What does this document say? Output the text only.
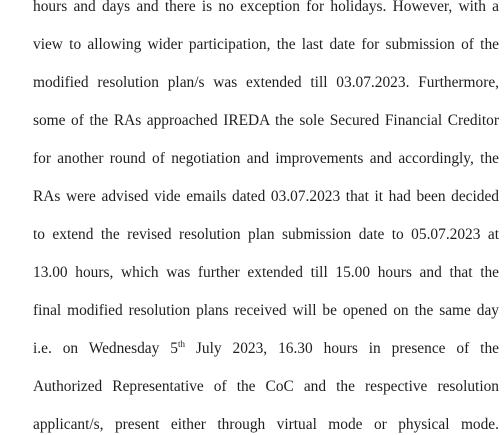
hours and days and there is no exception for holidays. However, with a
view to allowing wider participation, the last date for submission of the
modified resolution plan/s was extended till 03.07.2023. Furthermore,
some of the RAs approached IREDA the sole Secured Financial Creditor
for another round of negotiation and improvements and accordingly, the
RAs were advised vide emails dated 03.07.2023 that it had been decided
to extend the revised resolution plan submission date to 05.07.2023 at
13.00 hours, which was further extended till 15.00 hours and that the
final modified resolution plans received will be opened on the same day
i.e. on Wednesday 5th July 2023, 16.30 hours in presence of the
Authorized Representative of the CoC and the respective resolution
applicant/s, present either through virtual mode or physical mode.
